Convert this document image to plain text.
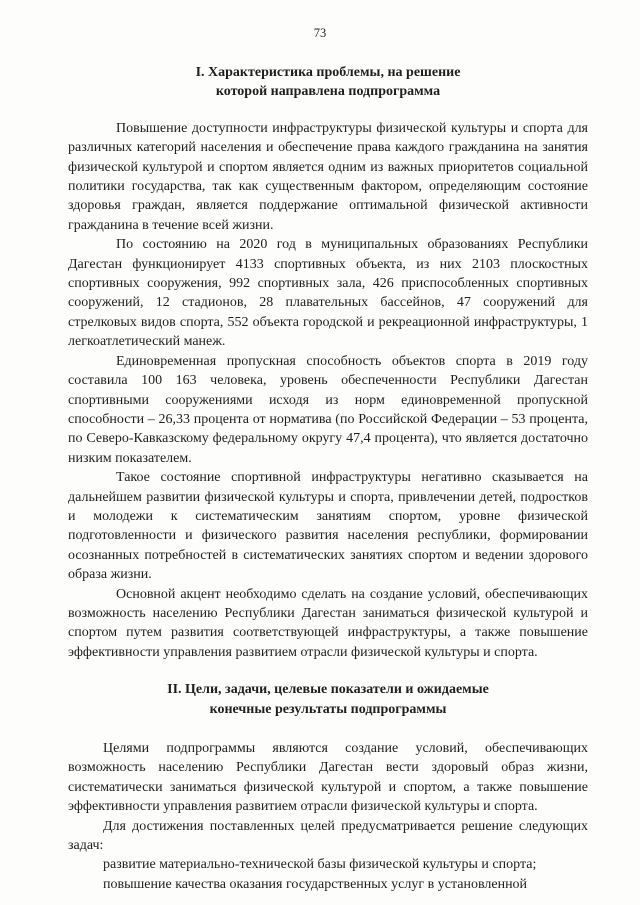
73
I. Характеристика проблемы, на решение
которой направлена подпрограмма

Повышение доступности инфраструктуры физической культуры и спорта для различных категорий населения и обеспечение права каждого гражданина на занятия физической культурой и спортом является одним из важных приоритетов социальной политики государства, так как существенным фактором, определяющим состояние здоровья граждан, является поддержание оптимальной физической активности гражданина в течение всей жизни.

По состоянию на 2020 год в муниципальных образованиях Республики Дагестан функционирует 4133 спортивных объекта, из них 2103 плоскостных спортивных сооружения, 992 спортивных зала, 426 приспособленных спортивных сооружений, 12 стадионов, 28 плавательных бассейнов, 47 сооружений для стрелковых видов спорта, 552 объекта городской и рекреационной инфраструктуры, 1 легкоатлетический манеж.

Единовременная пропускная способность объектов спорта в 2019 году составила 100 163 человека, уровень обеспеченности Республики Дагестан спортивными сооружениями исходя из норм единовременной пропускной способности – 26,33 процента от норматива (по Российской Федерации – 53 процента, по Северо-Кавказскому федеральному округу 47,4 процента), что является достаточно низким показателем.

Такое состояние спортивной инфраструктуры негативно сказывается на дальнейшем развитии физической культуры и спорта, привлечении детей, подростков и молодежи к систематическим занятиям спортом, уровне физической подготовленности и физического развития населения республики, формировании осознанных потребностей в систематических занятиях спортом и ведении здорового образа жизни.

Основной акцент необходимо сделать на создание условий, обеспечивающих возможность населению Республики Дагестан заниматься физической культурой и спортом путем развития соответствующей инфраструктуры, а также повышение эффективности управления развитием отрасли физической культуры и спорта.

II. Цели, задачи, целевые показатели и ожидаемые
конечные результаты подпрограммы

Целями подпрограммы являются создание условий, обеспечивающих возможность населению Республики Дагестан вести здоровый образ жизни, систематически заниматься физической культурой и спортом, а также повышение эффективности управления развитием отрасли физической культуры и спорта.

Для достижения поставленных целей предусматривается решение следующих задач:

развитие материально-технической базы физической культуры и спорта;

повышение качества оказания государственных услуг в установленной
